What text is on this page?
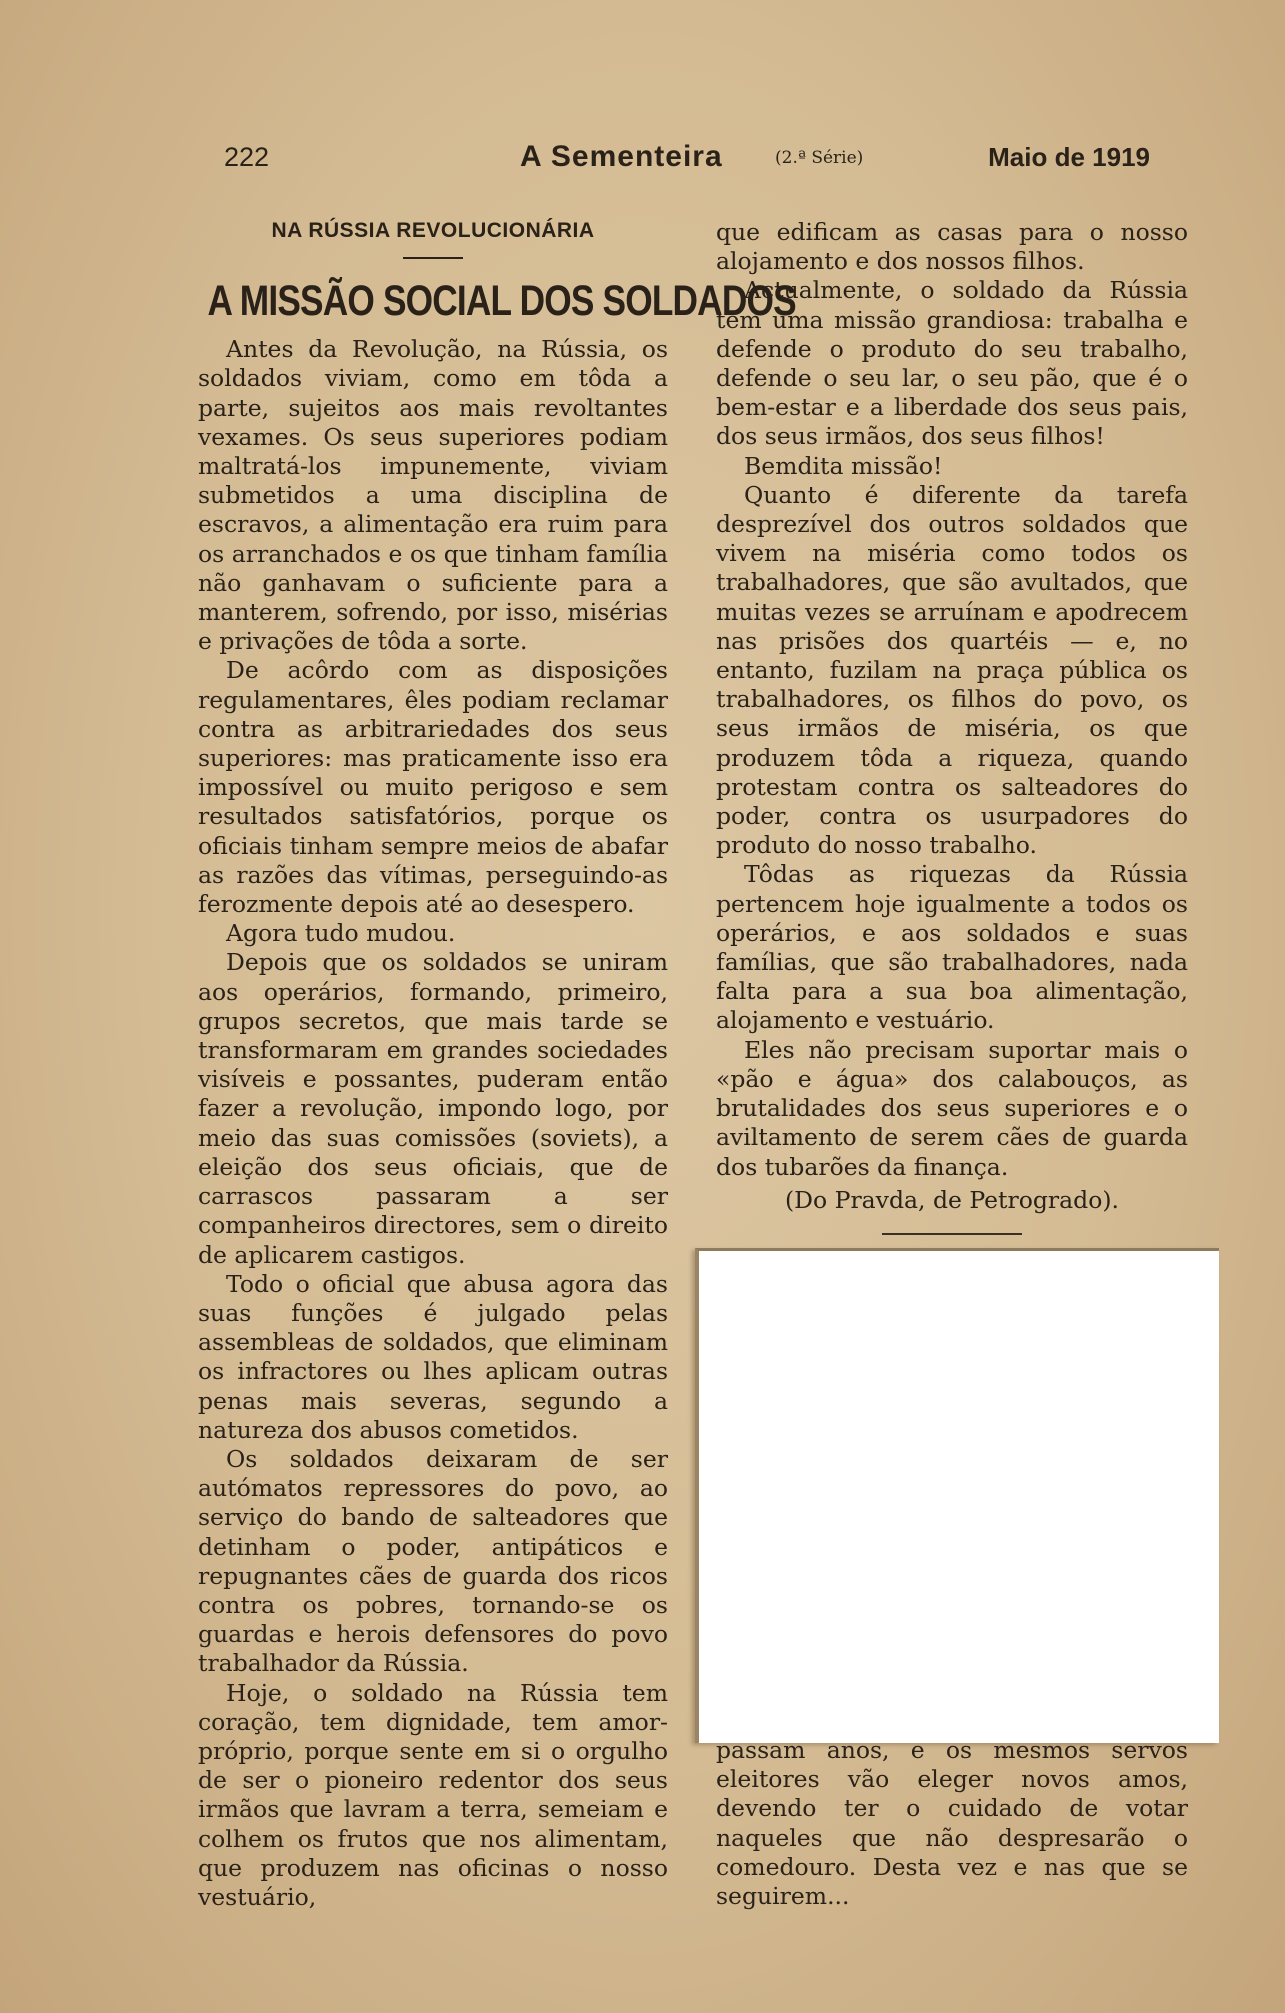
222	A Sementeira	(2.ª Série)	Maio de 1919
NA RÚSSIA REVOLUCIONÁRIA
A MISSÃO SOCIAL DOS SOLDADOS

Antes da Revolução, na Rússia, os soldados viviam, como em tôda a parte, sujeitos aos mais revoltantes vexames. Os seus superiores podiam maltratá-los impunemente, viviam submetidos a uma disciplina de escravos, a alimentação era ruim para os arranchados e os que tinham família não ganhavam o suficiente para a manterem, sofrendo, por isso, misérias e privações de tôda a sorte.

De acôrdo com as disposições regulamentares, êles podiam reclamar contra as arbitrariedades dos seus superiores: mas praticamente isso era impossível ou muito perigoso e sem resultados satisfatórios, porque os oficiais tinham sempre meios de abafar as razões das vítimas, perseguindo-as ferozmente depois até ao desespero.

Agora tudo mudou.

Depois que os soldados se uniram aos operários, formando, primeiro, grupos secretos, que mais tarde se transformaram em grandes sociedades visíveis e possantes, puderam então fazer a revolução, impondo logo, por meio das suas comissões (soviets), a eleição dos seus oficiais, que de carrascos passaram a ser companheiros directores, sem o direito de aplicarem castigos.

Todo o oficial que abusa agora das suas funções é julgado pelas assembleas de soldados, que eliminam os infractores ou lhes aplicam outras penas mais severas, segundo a natureza dos abusos cometidos.

Os soldados deixaram de ser autómatos repressores do povo, ao serviço do bando de salteadores que detinham o poder, antipáticos e repugnantes cães de guarda dos ricos contra os pobres, tornando-se os guardas e herois defensores do povo trabalhador da Rússia.

Hoje, o soldado na Rússia tem coração, tem dignidade, tem amor-próprio, porque sente em si o orgulho de ser o pioneiro redentor dos seus irmãos que lavram a terra, semeiam e colhem os frutos que nos alimentam, que produzem nas oficinas o nosso vestuário,

que edificam as casas para o nosso alojamento e dos nossos filhos.

Actualmente, o soldado da Rússia tem uma missão grandiosa: trabalha e defende o produto do seu trabalho, defende o seu lar, o seu pão, que é o bem-estar e a liberdade dos seus pais, dos seus irmãos, dos seus filhos!

Bemdita missão!

Quanto é diferente da tarefa desprezível dos outros soldados que vivem na miséria como todos os trabalhadores, que são avultados, que muitas vezes se arruínam e apodrecem nas prisões dos quartéis — e, no entanto, fuzilam na praça pública os trabalhadores, os filhos do povo, os seus irmãos de miséria, os que produzem tôda a riqueza, quando protestam contra os salteadores do poder, contra os usurpadores do produto do nosso trabalho.

Tôdas as riquezas da Rússia pertencem hoje igualmente a todos os operários, e aos soldados e suas famílias, que são trabalhadores, nada falta para a sua boa alimentação, alojamento e vestuário.

Eles não precisam suportar mais o «pão e água» dos calabouços, as brutalidades dos seus superiores e o aviltamento de serem cães de guarda dos tubarões da finança.

(Do Pravda, de Petrogrado).

passam anos, e os mesmos servos eleitores vão eleger novos amos, devendo ter o cuidado de votar naqueles que não despresarão o comedouro. Desta vez e nas que se seguirem...
